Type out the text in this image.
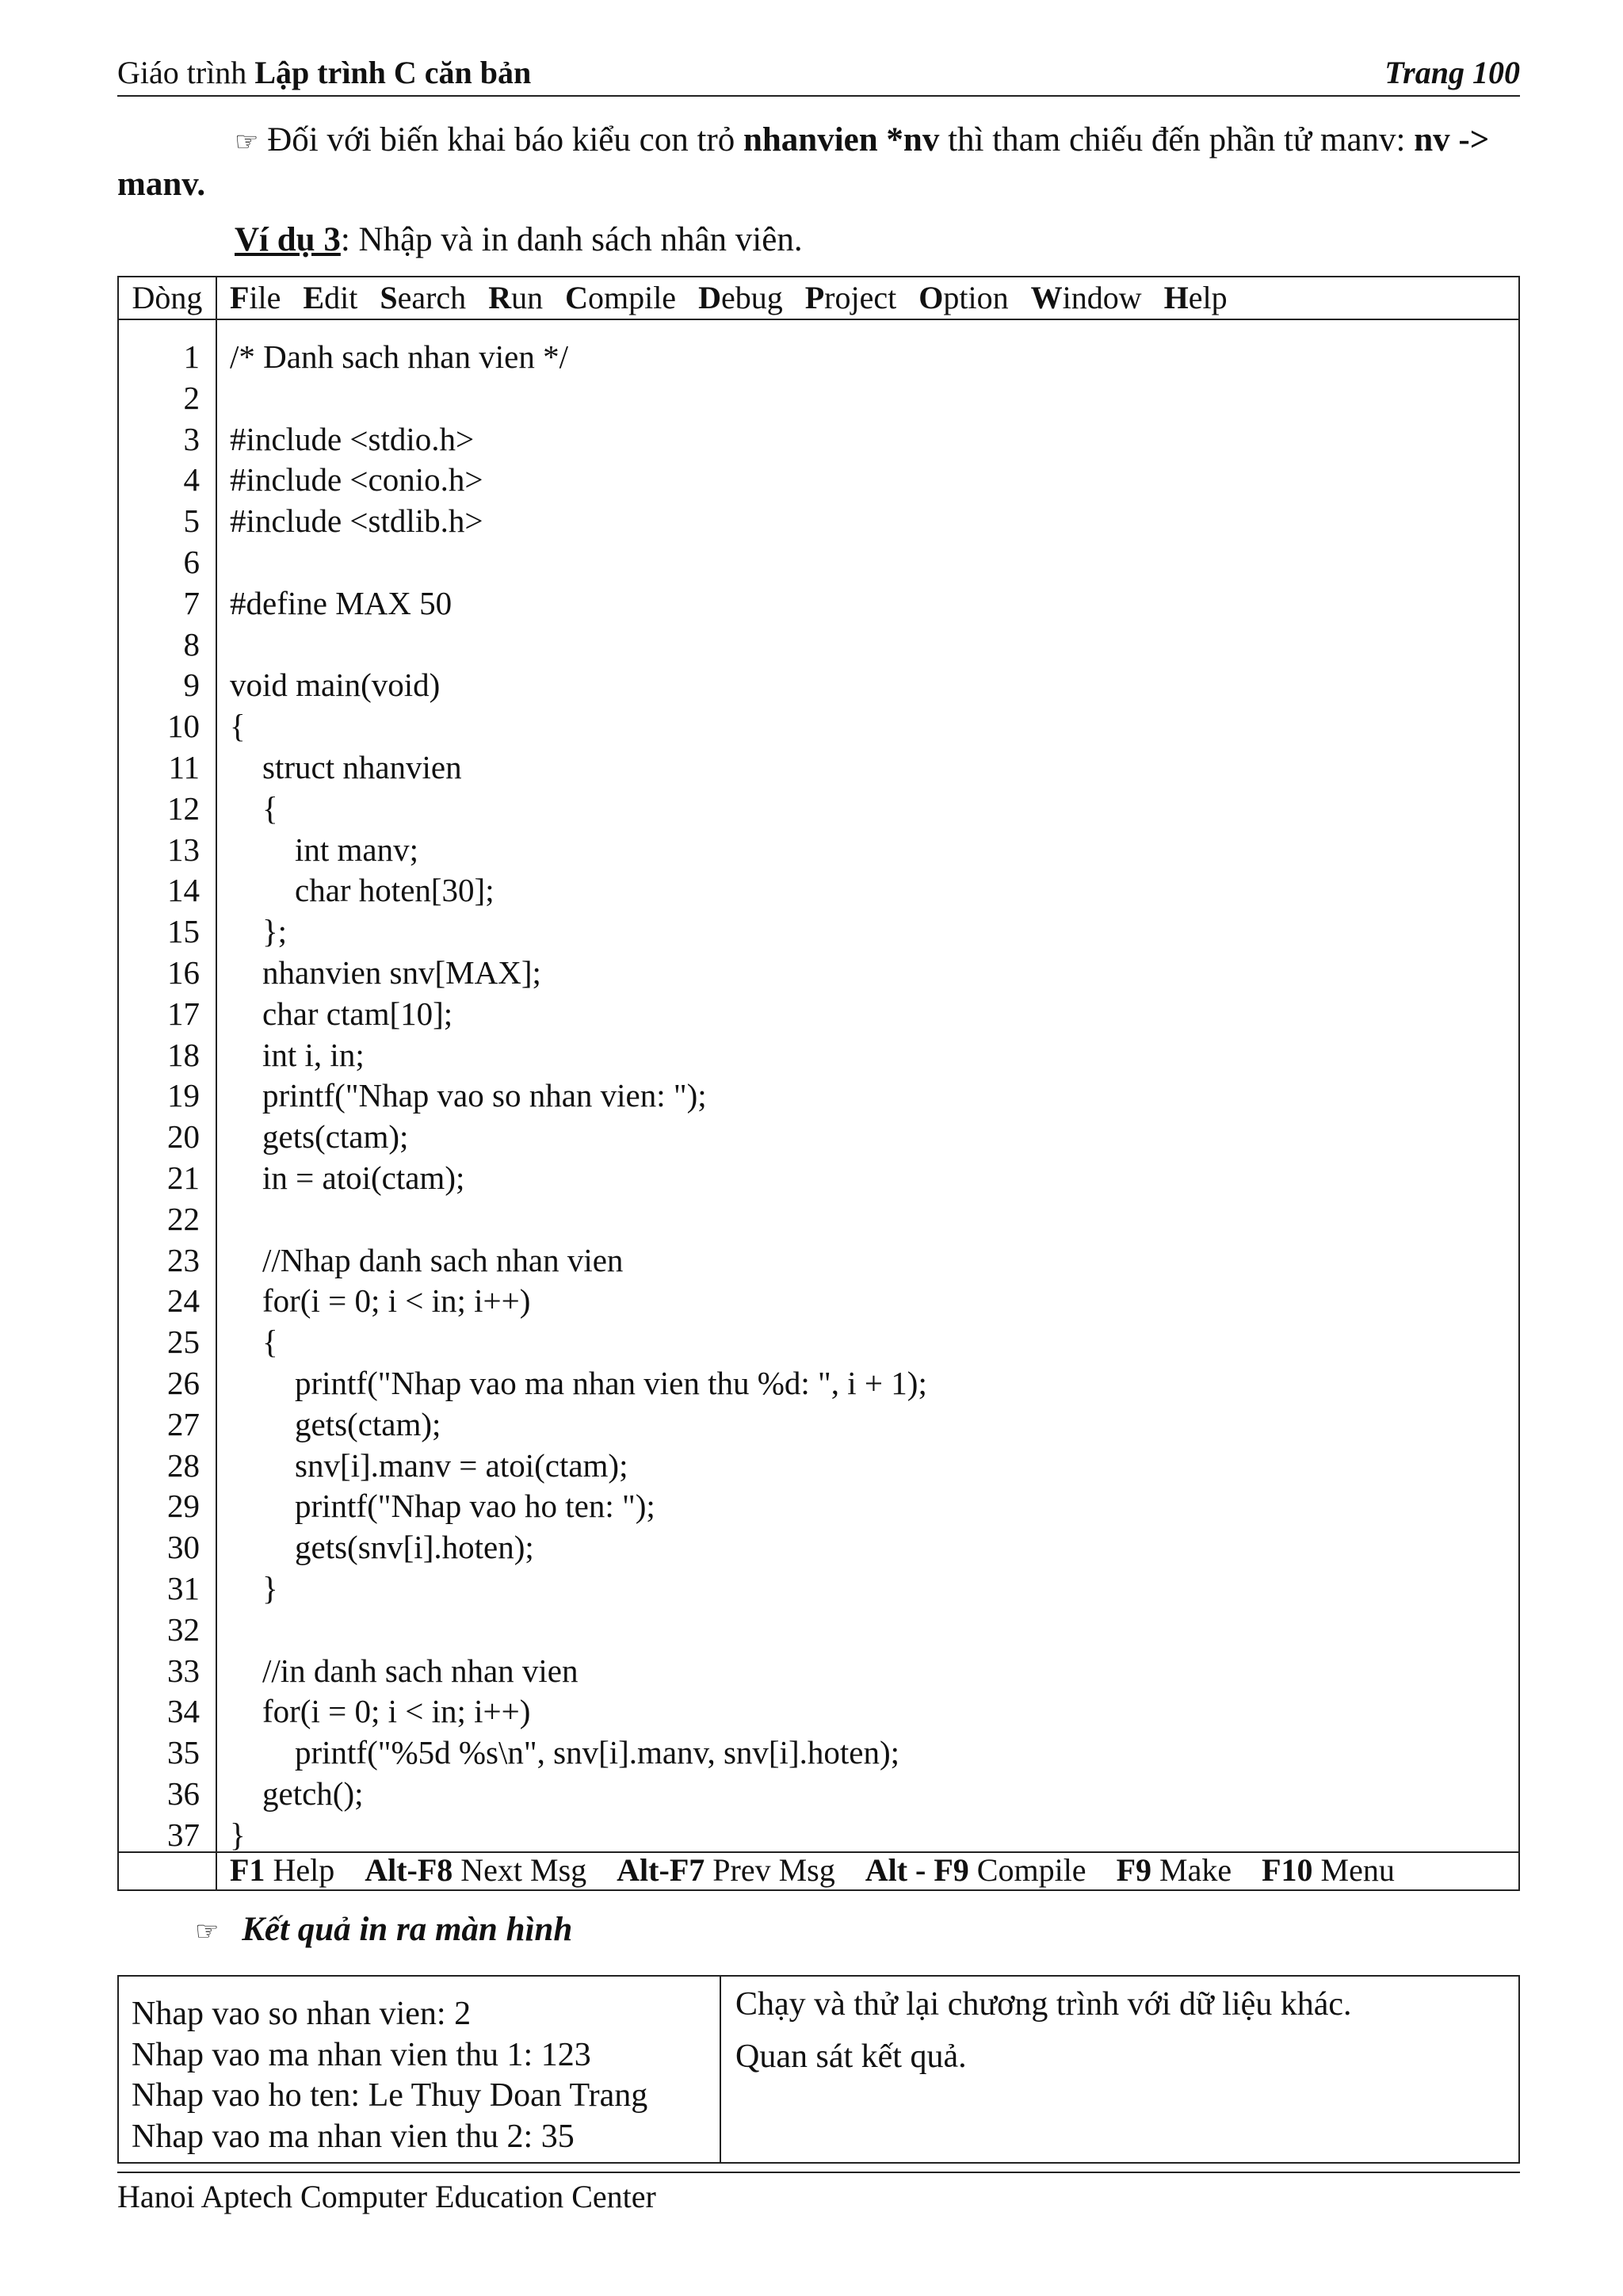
Giáo trình Lập trình C căn bản	Trang 100
☞ Đối với biến khai báo kiểu con trỏ nhanvien *nv thì tham chiếu đến phần tử manv: nv -> manv.
Ví dụ 3: Nhập và in danh sách nhân viên.
Dòng File Edit Search Run Compile Debug Project Option Window Help
1 /* Danh sach nhan vien */
2
3 #include <stdio.h>
4 #include <conio.h>
5 #include <stdlib.h>
6
7 #define MAX 50
8
9 void main(void)
10 {
11 struct nhanvien
12 {
13 int manv;
14 char hoten[30];
15 };
16 nhanvien snv[MAX];
17 char ctam[10];
18 int i, in;
19 printf("Nhap vao so nhan vien: ");
20 gets(ctam);
21 in = atoi(ctam);
22
23 //Nhap danh sach nhan vien
24 for(i = 0; i < in; i++)
25 {
26 printf("Nhap vao ma nhan vien thu %d: ", i + 1);
27 gets(ctam);
28 snv[i].manv = atoi(ctam);
29 printf("Nhap vao ho ten: ");
30 gets(snv[i].hoten);
31 }
32
33 //in danh sach nhan vien
34 for(i = 0; i < in; i++)
35 printf("%5d %s\n", snv[i].manv, snv[i].hoten);
36 getch();
37 }
F1 Help Alt-F8 Next Msg Alt-F7 Prev Msg Alt - F9 Compile F9 Make F10 Menu
☞ Kết quả in ra màn hình
Nhap vao so nhan vien: 2
Nhap vao ma nhan vien thu 1: 123
Nhap vao ho ten: Le Thuy Doan Trang
Nhap vao ma nhan vien thu 2: 35
Chạy và thử lại chương trình với dữ liệu khác.
Quan sát kết quả.
Hanoi Aptech Computer Education Center
